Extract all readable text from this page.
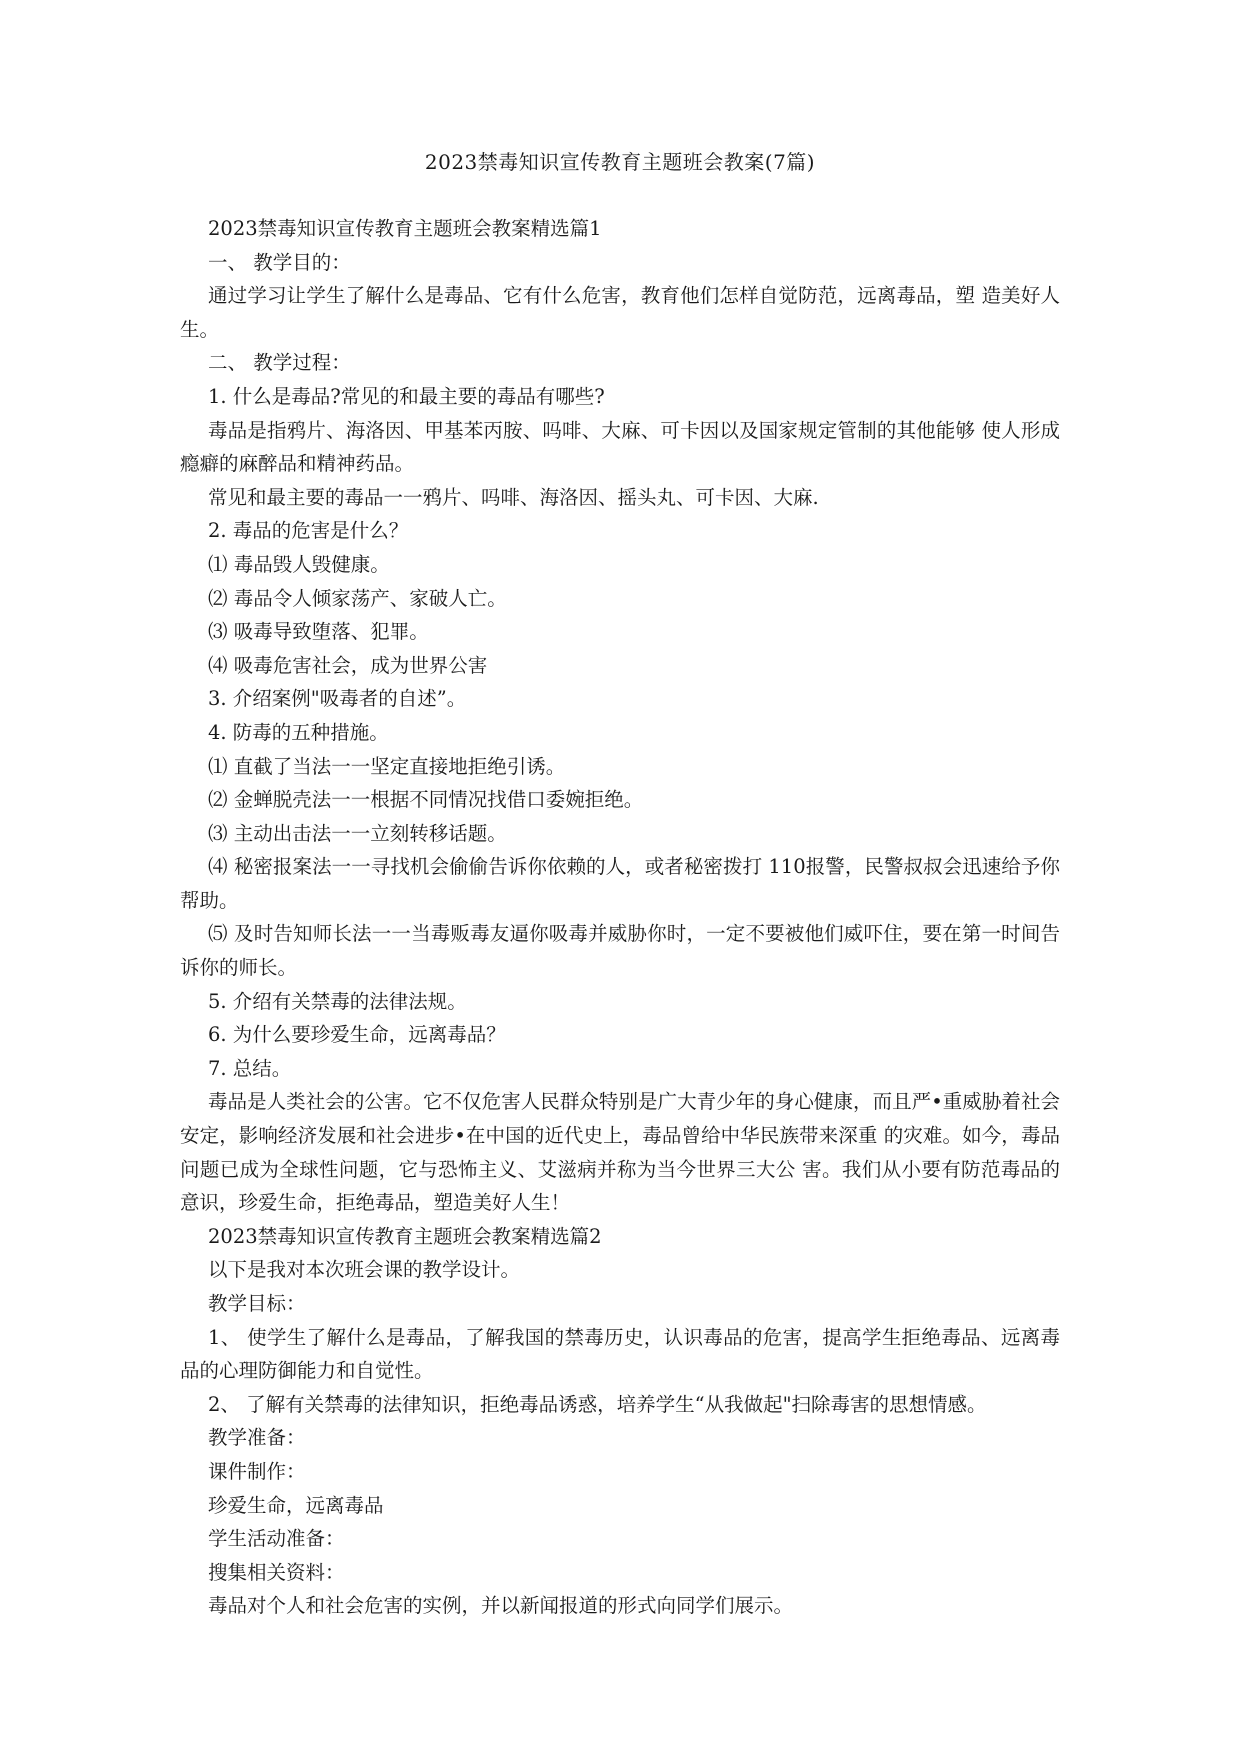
2023禁毒知识宣传教育主题班会教案(7篇)

2023禁毒知识宣传教育主题班会教案精选篇1

一、 教学目的：

通过学习让学生了解什么是毒品、它有什么危害，教育他们怎样自觉防范，远离毒品，塑 造美好人生。

二、 教学过程：

1. 什么是毒品?常见的和最主要的毒品有哪些?

毒品是指鸦片、海洛因、甲基苯丙胺、吗啡、大麻、可卡因以及国家规定管制的其他能够 使人形成瘾癖的麻醉品和精神药品。

常见和最主要的毒品一一鸦片、吗啡、海洛因、摇头丸、可卡因、大麻.

2. 毒品的危害是什么？

⑴ 毒品毁人毁健康。

⑵ 毒品令人倾家荡产、家破人亡。

⑶ 吸毒导致堕落、犯罪。

⑷ 吸毒危害社会，成为世界公害

3. 介绍案例"吸毒者的自述”。

4. 防毒的五种措施。

⑴ 直截了当法一一坚定直接地拒绝引诱。

⑵ 金蝉脱壳法一一根据不同情况找借口委婉拒绝。

⑶ 主动出击法一一立刻转移话题。

⑷ 秘密报案法一一寻找机会偷偷告诉你依赖的人，或者秘密拨打 110报警，民警叔叔会迅速给予你帮助。

⑸ 及时告知师长法一一当毒贩毒友逼你吸毒并威胁你时，一定不要被他们威吓住，要在第一时间告诉你的师长。

5. 介绍有关禁毒的法律法规。

6. 为什么要珍爱生命，远离毒品？

7. 总结。

毒品是人类社会的公害。它不仅危害人民群众特别是广大青少年的身心健康，而且严•重威胁着社会安定，影响经济发展和社会进步•在中国的近代史上，毒品曾给中华民族带来深重 的灾难。如今，毒品问题已成为全球性问题，它与恐怖主义、艾滋病并称为当今世界三大公 害。我们从小要有防范毒品的意识，珍爱生命，拒绝毒品，塑造美好人生！

2023禁毒知识宣传教育主题班会教案精选篇2

以下是我对本次班会课的教学设计。

教学目标：

1、 使学生了解什么是毒品，了解我国的禁毒历史，认识毒品的危害，提高学生拒绝毒品、远离毒品的心理防御能力和自觉性。

2、 了解有关禁毒的法律知识，拒绝毒品诱惑，培养学生“从我做起"扫除毒害的思想情感。

教学准备：

课件制作：

珍爱生命，远离毒品

学生活动准备：

搜集相关资料：

毒品对个人和社会危害的实例，并以新闻报道的形式向同学们展示。
